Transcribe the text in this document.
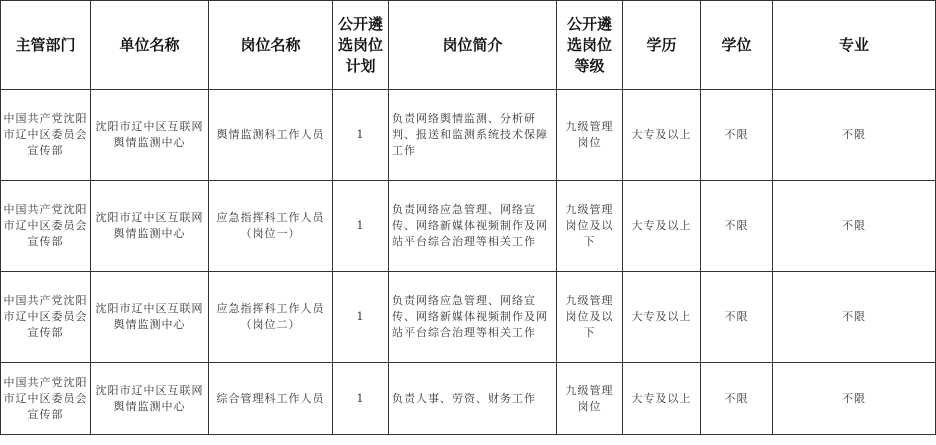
主管部门	单位名称	岗位名称	公开遴选岗位计划	岗位简介	公开遴选岗位等级	学历	学位	专业
中国共产党沈阳市辽中区委员会宣传部	沈阳市辽中区互联网舆情监测中心	舆情监测科工作人员	1	负责网络舆情监测、分析研判、报送和监测系统技术保障工作	九级管理岗位	大专及以上	不限	不限
中国共产党沈阳市辽中区委员会宣传部	沈阳市辽中区互联网舆情监测中心	应急指挥科工作人员（岗位一）	1	负责网络应急管理、网络宣传、网络新媒体视频制作及网站平台综合治理等相关工作	九级管理岗位及以下	大专及以上	不限	不限
中国共产党沈阳市辽中区委员会宣传部	沈阳市辽中区互联网舆情监测中心	应急指挥科工作人员（岗位二）	1	负责网络应急管理、网络宣传、网络新媒体视频制作及网站平台综合治理等相关工作	九级管理岗位及以下	大专及以上	不限	不限
中国共产党沈阳市辽中区委员会宣传部	沈阳市辽中区互联网舆情监测中心	综合管理科工作人员	1	负责人事、劳资、财务工作	九级管理岗位	大专及以上	不限	不限
